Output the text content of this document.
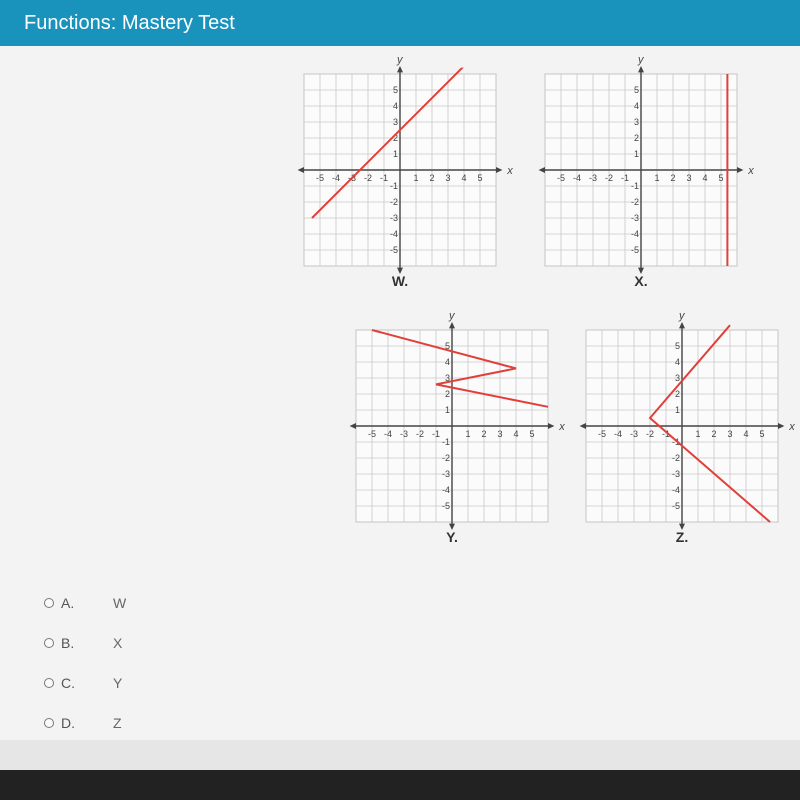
Functions: Mastery Test
x
y
-5 -4 -3 -2 -1	1 2 3 4 5
5
4
3
2
1
-1
-2
-3
-4
-5
W.
x
y
-5 -4 -3 -2 -1	1 2 3 4 5
5
4
3
2
1
-1
-2
-3
-4
-5
X.
x
y
-5 -4 -3 -2 -1	1 2 3 4 5
5
4
3
2
1
-1
-2
-3
-4
-5
Y.
x
y
-5 -4 -3 -2 -1	1 2 3 4 5
5
4
3
2
1
-1
-2
-3
-4
-5
Z.
A.	W
B.	X
C.	Y
D.	Z
